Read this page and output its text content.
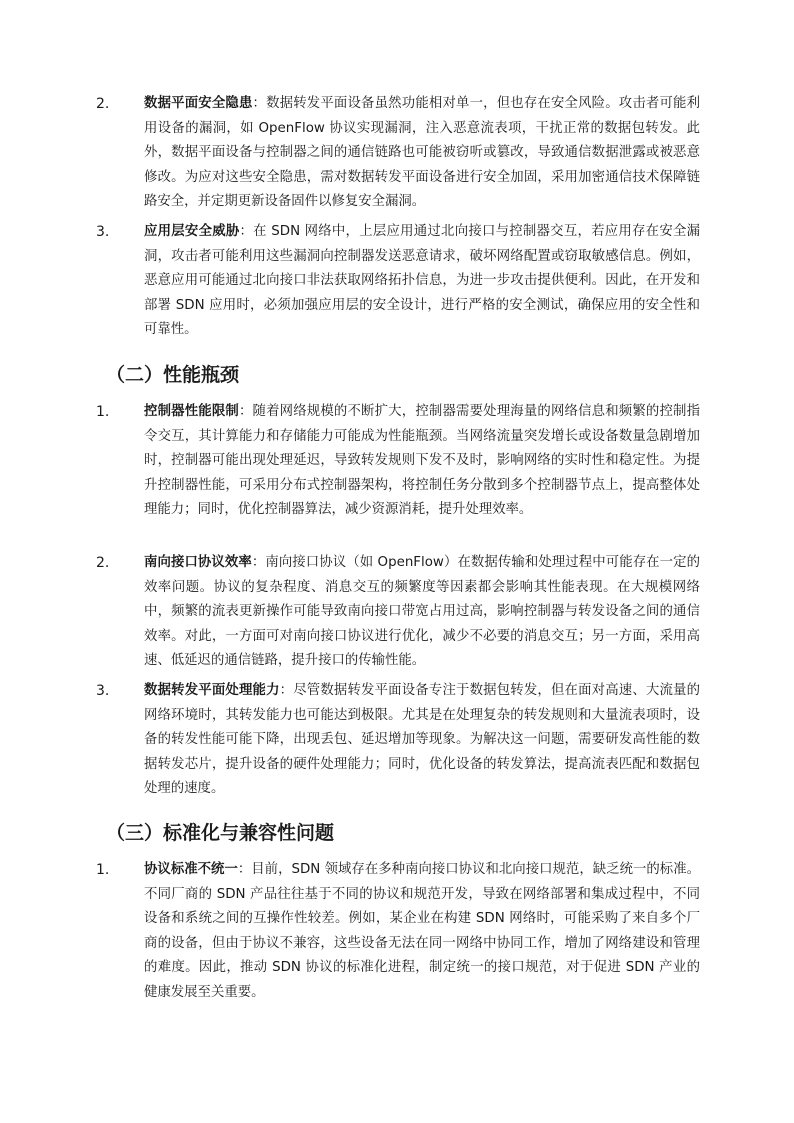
2.	数据平面安全隐患：数据转发平面设备虽然功能相对单一，但也存在安全风险。攻击者可能利用设备的漏洞，如 OpenFlow 协议实现漏洞，注入恶意流表项，干扰正常的数据包转发。此外，数据平面设备与控制器之间的通信链路也可能被窃听或篡改，导致通信数据泄露或被恶意修改。为应对这些安全隐患，需对数据转发平面设备进行安全加固，采用加密通信技术保障链路安全，并定期更新设备固件以修复安全漏洞。
3.	应用层安全威胁：在 SDN 网络中，上层应用通过北向接口与控制器交互，若应用存在安全漏洞，攻击者可能利用这些漏洞向控制器发送恶意请求，破坏网络配置或窃取敏感信息。例如，恶意应用可能通过北向接口非法获取网络拓扑信息，为进一步攻击提供便利。因此，在开发和部署 SDN 应用时，必须加强应用层的安全设计，进行严格的安全测试，确保应用的安全性和可靠性。
（二）性能瓶颈
1.	控制器性能限制：随着网络规模的不断扩大，控制器需要处理海量的网络信息和频繁的控制指令交互，其计算能力和存储能力可能成为性能瓶颈。当网络流量突发增长或设备数量急剧增加时，控制器可能出现处理延迟，导致转发规则下发不及时，影响网络的实时性和稳定性。为提升控制器性能，可采用分布式控制器架构，将控制任务分散到多个控制器节点上，提高整体处理能力；同时，优化控制器算法，减少资源消耗，提升处理效率。
2.	南向接口协议效率：南向接口协议（如 OpenFlow）在数据传输和处理过程中可能存在一定的效率问题。协议的复杂程度、消息交互的频繁度等因素都会影响其性能表现。在大规模网络中，频繁的流表更新操作可能导致南向接口带宽占用过高，影响控制器与转发设备之间的通信效率。对此，一方面可对南向接口协议进行优化，减少不必要的消息交互；另一方面，采用高速、低延迟的通信链路，提升接口的传输性能。
3.	数据转发平面处理能力：尽管数据转发平面设备专注于数据包转发，但在面对高速、大流量的网络环境时，其转发能力也可能达到极限。尤其是在处理复杂的转发规则和大量流表项时，设备的转发性能可能下降，出现丢包、延迟增加等现象。为解决这一问题，需要研发高性能的数据转发芯片，提升设备的硬件处理能力；同时，优化设备的转发算法，提高流表匹配和数据包处理的速度。
（三）标准化与兼容性问题
1.	协议标准不统一：目前，SDN 领域存在多种南向接口协议和北向接口规范，缺乏统一的标准。不同厂商的 SDN 产品往往基于不同的协议和规范开发，导致在网络部署和集成过程中，不同设备和系统之间的互操作性较差。例如，某企业在构建 SDN 网络时，可能采购了来自多个厂商的设备，但由于协议不兼容，这些设备无法在同一网络中协同工作，增加了网络建设和管理的难度。因此，推动 SDN 协议的标准化进程，制定统一的接口规范，对于促进 SDN 产业的健康发展至关重要。
